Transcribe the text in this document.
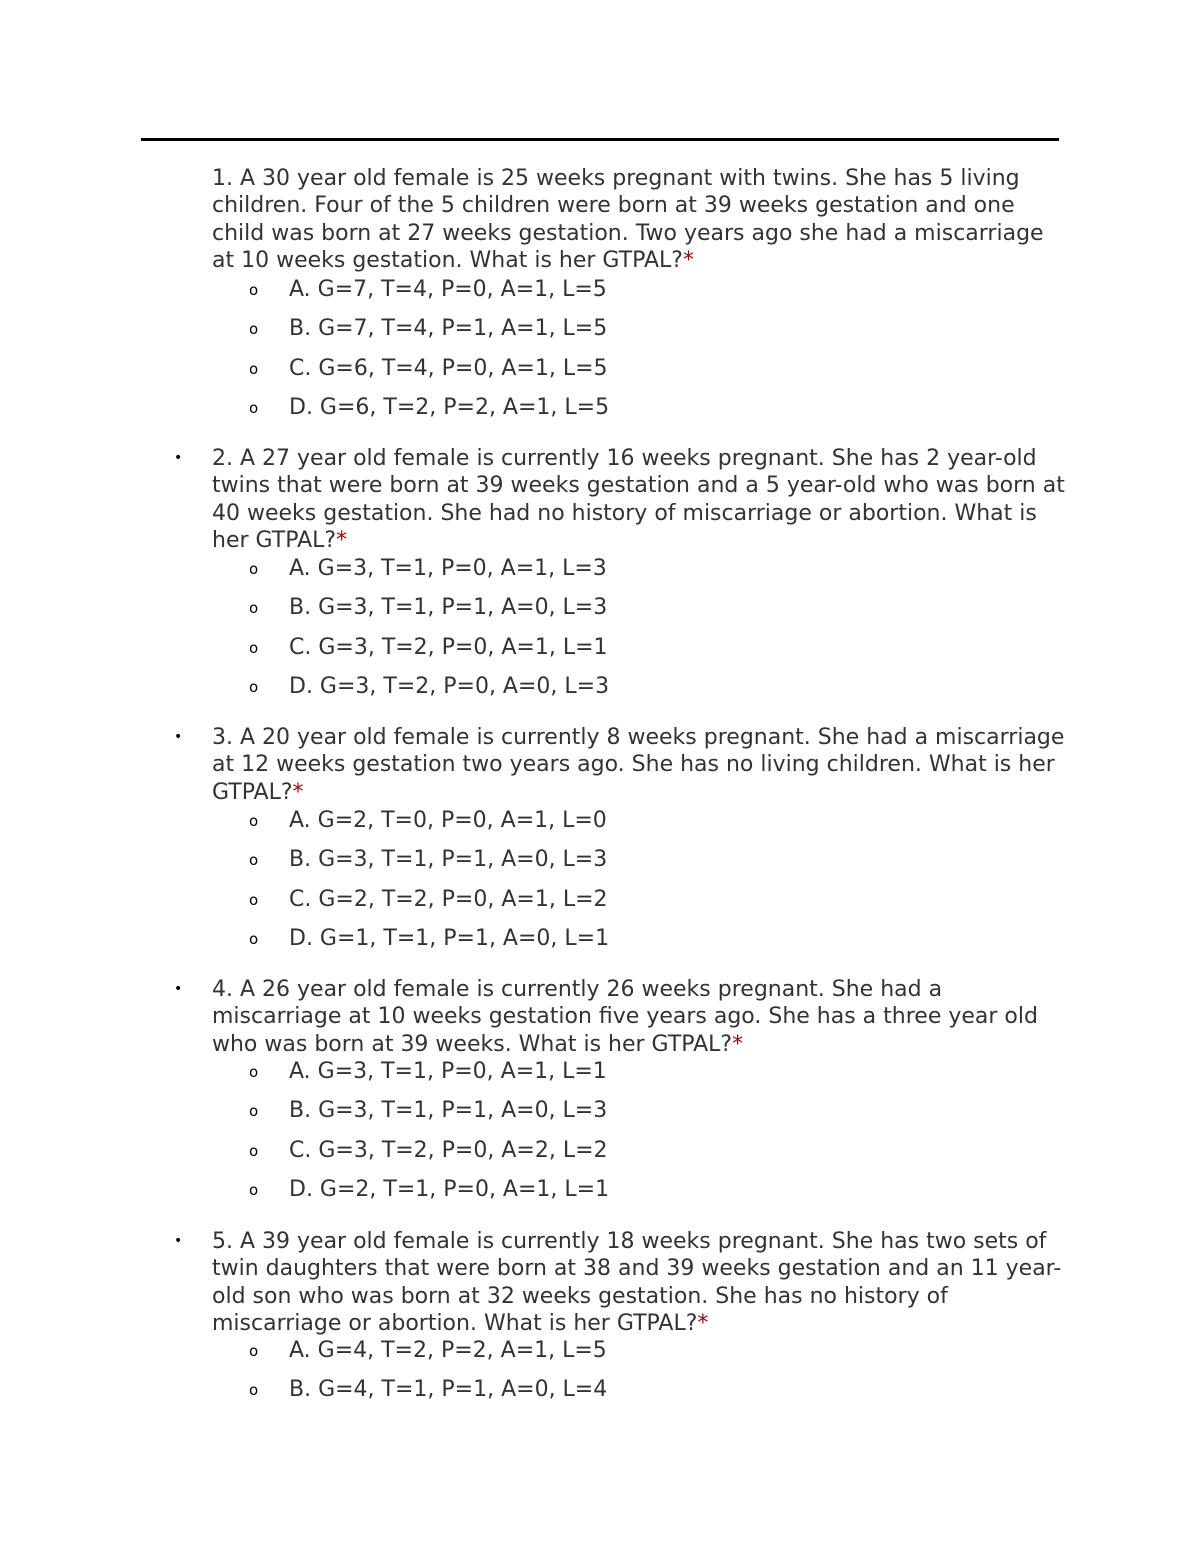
1. A 30 year old female is 25 weeks pregnant with twins. She has 5 living children. Four of the 5 children were born at 39 weeks gestation and one child was born at 27 weeks gestation. Two years ago she had a miscarriage at 10 weeks gestation. What is her GTPAL?*

o A. G=7, T=4, P=0, A=1, L=5
o B. G=7, T=4, P=1, A=1, L=5
o C. G=6, T=4, P=0, A=1, L=5
o D. G=6, T=2, P=2, A=1, L=5
• 2. A 27 year old female is currently 16 weeks pregnant. She has 2 year-old twins that were born at 39 weeks gestation and a 5 year-old who was born at 40 weeks gestation. She had no history of miscarriage or abortion. What is her GTPAL?*

o A. G=3, T=1, P=0, A=1, L=3
o B. G=3, T=1, P=1, A=0, L=3
o C. G=3, T=2, P=0, A=1, L=1
o D. G=3, T=2, P=0, A=0, L=3
• 3. A 20 year old female is currently 8 weeks pregnant. She had a miscarriage at 12 weeks gestation two years ago. She has no living children. What is her GTPAL?*

o A. G=2, T=0, P=0, A=1, L=0
o B. G=3, T=1, P=1, A=0, L=3
o C. G=2, T=2, P=0, A=1, L=2
o D. G=1, T=1, P=1, A=0, L=1
• 4. A 26 year old female is currently 26 weeks pregnant. She had a miscarriage at 10 weeks gestation five years ago. She has a three year old who was born at 39 weeks. What is her GTPAL?*

o A. G=3, T=1, P=0, A=1, L=1
o B. G=3, T=1, P=1, A=0, L=3
o C. G=3, T=2, P=0, A=2, L=2
o D. G=2, T=1, P=0, A=1, L=1
• 5. A 39 year old female is currently 18 weeks pregnant. She has two sets of twin daughters that were born at 38 and 39 weeks gestation and an 11 year-old son who was born at 32 weeks gestation. She has no history of miscarriage or abortion. What is her GTPAL?*

o A. G=4, T=2, P=2, A=1, L=5
o B. G=4, T=1, P=1, A=0, L=4
